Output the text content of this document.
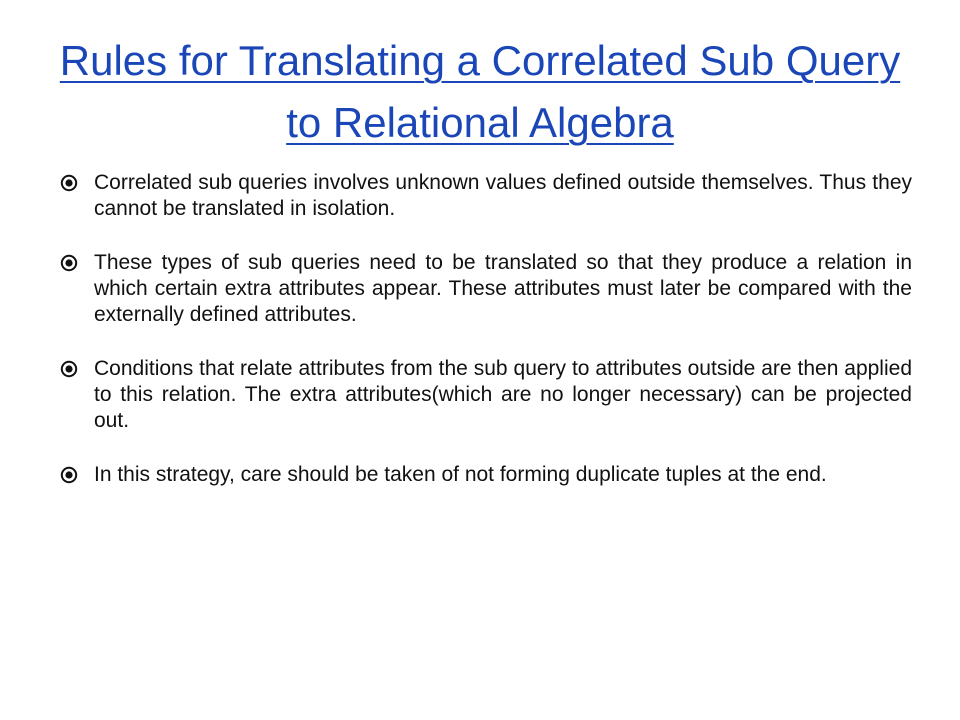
Rules for Translating a Correlated Sub Query to Relational Algebra
Correlated sub queries involves unknown values defined outside themselves. Thus they cannot be translated in isolation.
These types of sub queries need to be translated so that they produce a relation in which certain extra attributes appear. These attributes must later be compared with the externally defined attributes.
Conditions that relate attributes from the sub query to attributes outside are then applied to this relation. The extra attributes(which are no longer necessary) can be projected out.
In this strategy, care should be taken of not forming duplicate tuples at the end.
